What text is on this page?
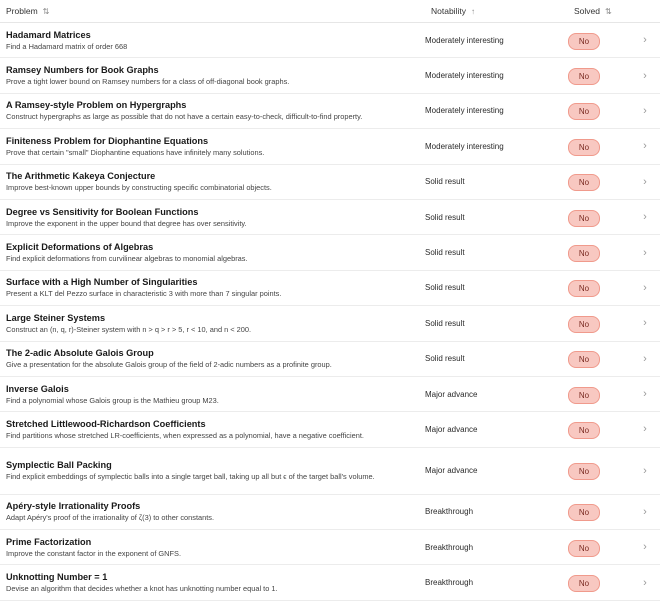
Problem ⇅	Notability ↑	Solved ⇅
Hadamard Matrices
Find a Hadamard matrix of order 668
Moderately interesting	No	›
Ramsey Numbers for Book Graphs
Prove a tight lower bound on Ramsey numbers for a class of off-diagonal book graphs.
Moderately interesting	No	›
A Ramsey-style Problem on Hypergraphs
Construct hypergraphs as large as possible that do not have a certain easy-to-check, difficult-to-find property.
Moderately interesting	No	›
Finiteness Problem for Diophantine Equations
Prove that certain "small" Diophantine equations have infinitely many solutions.
Moderately interesting	No	›
The Arithmetic Kakeya Conjecture
Improve best-known upper bounds by constructing specific combinatorial objects.
Solid result	No	›
Degree vs Sensitivity for Boolean Functions
Improve the exponent in the upper bound that degree has over sensitivity.
Solid result	No	›
Explicit Deformations of Algebras
Find explicit deformations from curvilinear algebras to monomial algebras.
Solid result	No	›
Surface with a High Number of Singularities
Present a KLT del Pezzo surface in characteristic 3 with more than 7 singular points.
Solid result	No	›
Large Steiner Systems
Construct an (n, q, r)-Steiner system with n > q > r > 5, r < 10, and n < 200.
Solid result	No	›
The 2-adic Absolute Galois Group
Give a presentation for the absolute Galois group of the field of 2-adic numbers as a profinite group.
Solid result	No	›
Inverse Galois
Find a polynomial whose Galois group is the Mathieu group M23.
Major advance	No	›
Stretched Littlewood-Richardson Coefficients
Find partitions whose stretched LR-coefficients, when expressed as a polynomial, have a negative coefficient.
Major advance	No	›
Symplectic Ball Packing
Find explicit embeddings of symplectic balls into a single target ball, taking up all but ϵ of the target ball's volume.
Major advance	No	›
Apéry-style Irrationality Proofs
Adapt Apéry's proof of the irrationality of ζ(3) to other constants.
Breakthrough	No	›
Prime Factorization
Improve the constant factor in the exponent of GNFS.
Breakthrough	No	›
Unknotting Number = 1
Devise an algorithm that decides whether a knot has unknotting number equal to 1.
Breakthrough	No	›
